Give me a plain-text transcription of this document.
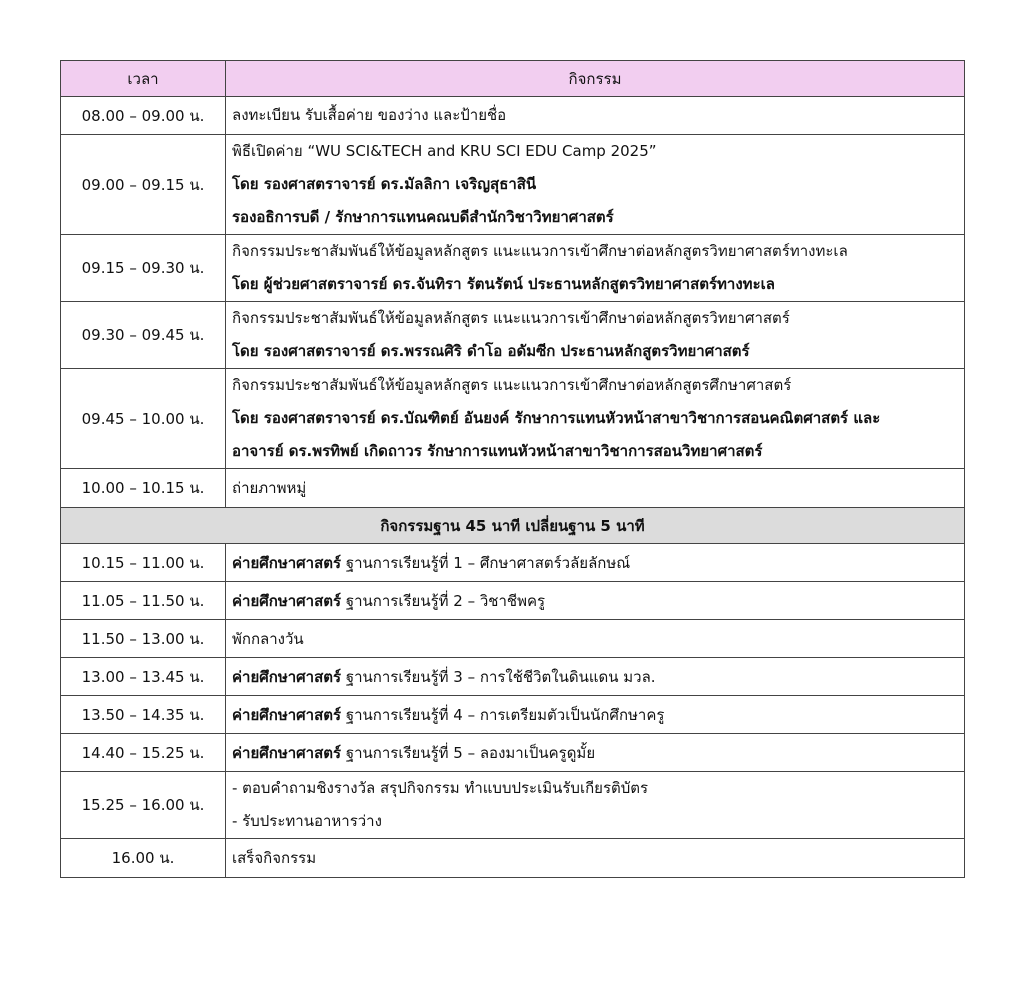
เวลา	กิจกรรม
08.00 – 09.00 น.	ลงทะเบียน รับเสื้อค่าย ของว่าง และป้ายชื่อ

09.00 – 09.15 น.	พิธีเปิดค่าย “WU SCI&TECH and KRU SCI EDU Camp 2025”
โดย รองศาสตราจารย์ ดร.มัลลิกา เจริญสุธาสินี
รองอธิการบดี / รักษาการแทนคณบดีสำนักวิชาวิทยาศาสตร์

09.15 – 09.30 น.	กิจกรรมประชาสัมพันธ์ให้ข้อมูลหลักสูตร แนะแนวการเข้าศึกษาต่อหลักสูตรวิทยาศาสตร์ทางทะเล
โดย ผู้ช่วยศาสตราจารย์ ดร.จันทิรา รัตนรัตน์ ประธานหลักสูตรวิทยาศาสตร์ทางทะเล

09.30 – 09.45 น.	กิจกรรมประชาสัมพันธ์ให้ข้อมูลหลักสูตร แนะแนวการเข้าศึกษาต่อหลักสูตรวิทยาศาสตร์
โดย รองศาสตราจารย์ ดร.พรรณศิริ ดำโอ อดัมซีก ประธานหลักสูตรวิทยาศาสตร์

09.45 – 10.00 น.	กิจกรรมประชาสัมพันธ์ให้ข้อมูลหลักสูตร แนะแนวการเข้าศึกษาต่อหลักสูตรศึกษาศาสตร์
โดย รองศาสตราจารย์ ดร.บัณฑิตย์ อันยงค์ รักษาการแทนหัวหน้าสาขาวิชาการสอนคณิตศาสตร์ และ
อาจารย์ ดร.พรทิพย์ เกิดถาวร รักษาการแทนหัวหน้าสาขาวิชาการสอนวิทยาศาสตร์

10.00 – 10.15 น.	ถ่ายภาพหมู่

กิจกรรมฐาน 45 นาที เปลี่ยนฐาน 5 นาที	
10.15 – 11.00 น.	ค่ายศึกษาศาสตร์ ฐานการเรียนรู้ที่ 1 – ศึกษาศาสตร์วลัยลักษณ์
11.05 – 11.50 น.	ค่ายศึกษาศาสตร์ ฐานการเรียนรู้ที่ 2 – วิชาชีพครู
11.50 – 13.00 น.	พักกลางวัน
13.00 – 13.45 น.	ค่ายศึกษาศาสตร์ ฐานการเรียนรู้ที่ 3 – การใช้ชีวิตในดินแดน มวล.
13.50 – 14.35 น.	ค่ายศึกษาศาสตร์ ฐานการเรียนรู้ที่ 4 – การเตรียมตัวเป็นนักศึกษาครู
14.40 – 15.25 น.	ค่ายศึกษาศาสตร์ ฐานการเรียนรู้ที่ 5 – ลองมาเป็นครูดูมั้ย
15.25 – 16.00 น.	- ตอบคำถามชิงรางวัล สรุปกิจกรรม ทำแบบประเมินรับเกียรติบัตร
- รับประทานอาหารว่าง

16.00 น.	เสร็จกิจกรรม
